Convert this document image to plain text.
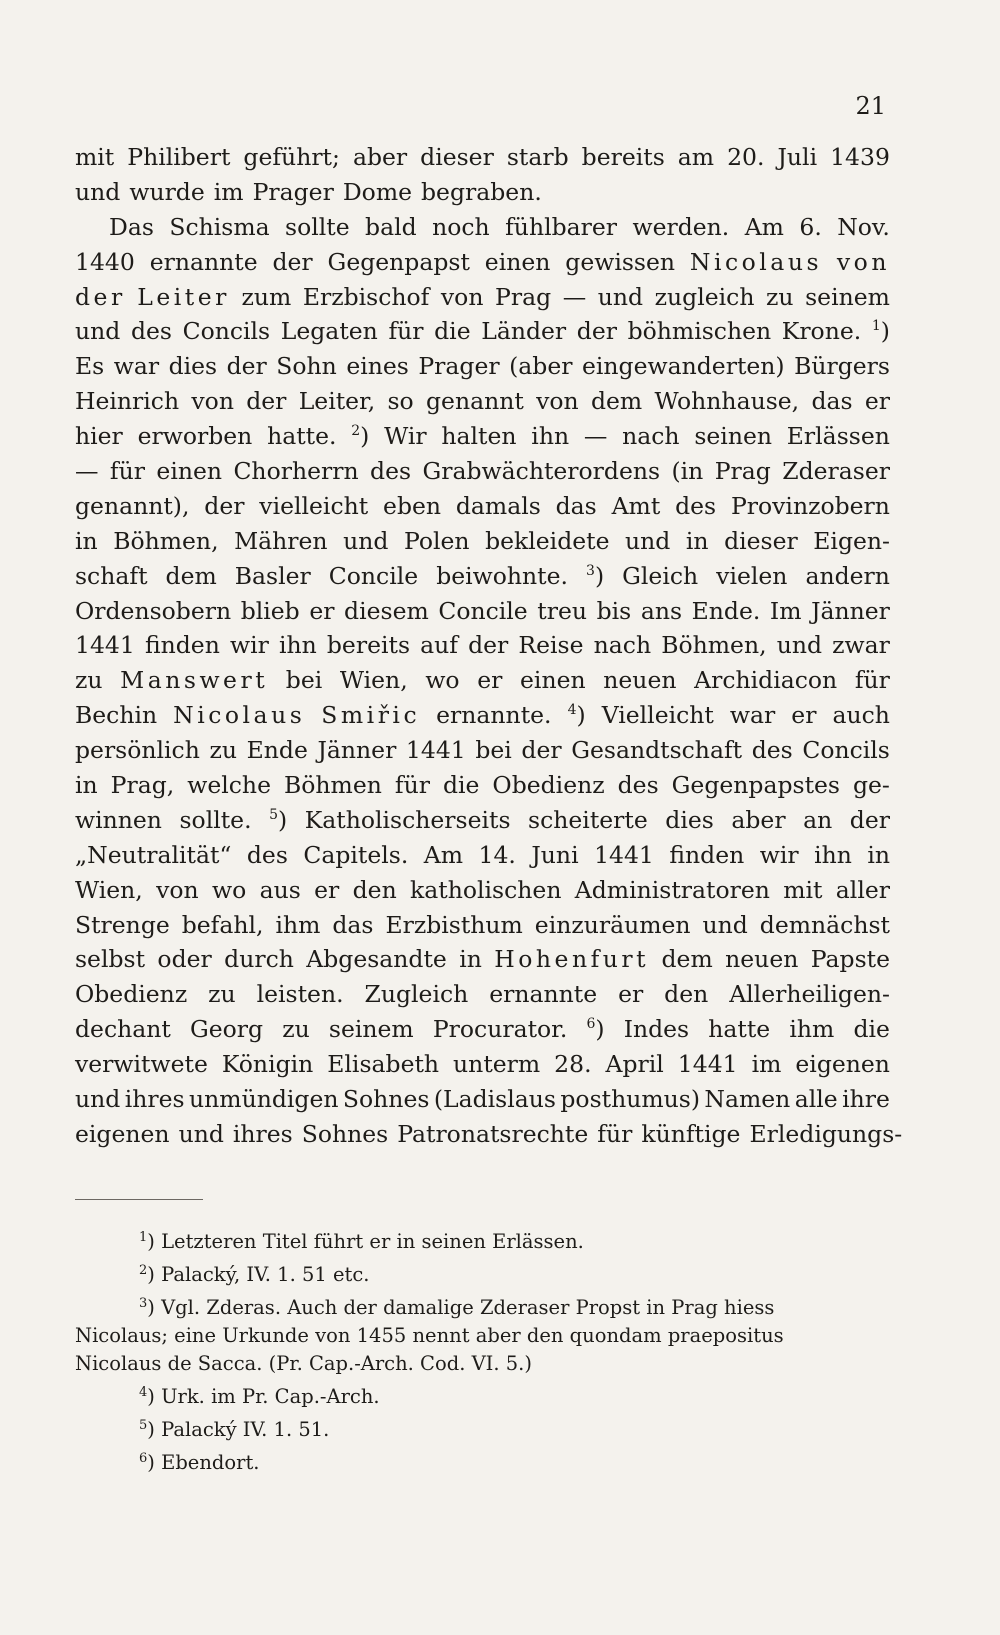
21
mit Philibert geführt; aber dieser starb bereits am 20. Juli 1439
und wurde im Prager Dome begraben.
Das Schisma sollte bald noch fühlbarer werden. Am 6. Nov.
1440 ernannte der Gegenpapst einen gewissen Nicolaus von
der Leiter zum Erzbischof von Prag — und zugleich zu seinem
und des Concils Legaten für die Länder der böhmischen Krone. $^1$)
Es war dies der Sohn eines Prager (aber eingewanderten) Bürgers
Heinrich von der Leiter, so genannt von dem Wohnhause, das er
hier erworben hatte. $^2$) Wir halten ihn — nach seinen Erlässen
— für einen Chorherrn des Grabwächterordens (in Prag Zderaser
genannt), der vielleicht eben damals das Amt des Provinzobern
in Böhmen, Mähren und Polen bekleidete und in dieser Eigen-
schaft dem Basler Concile beiwohnte. $^3$) Gleich vielen andern
Ordensobern blieb er diesem Concile treu bis ans Ende. Im Jänner
1441 finden wir ihn bereits auf der Reise nach Böhmen, und zwar
zu Manswert bei Wien, wo er einen neuen Archidiacon für
Bechin Nicolaus Smiřic ernannte. $^4$) Vielleicht war er auch
persönlich zu Ende Jänner 1441 bei der Gesandtschaft des Concils
in Prag, welche Böhmen für die Obedienz des Gegenpapstes ge-
winnen sollte. $^5$) Katholischerseits scheiterte dies aber an der
„Neutralität“ des Capitels. Am 14. Juni 1441 finden wir ihn in
Wien, von wo aus er den katholischen Administratoren mit aller
Strenge befahl, ihm das Erzbisthum einzuräumen und demnächst
selbst oder durch Abgesandte in Hohenfurt dem neuen Papste
Obedienz zu leisten. Zugleich ernannte er den Allerheiligen-
dechant Georg zu seinem Procurator. $^6$) Indes hatte ihm die
verwitwete Königin Elisabeth unterm 28. April 1441 im eigenen
und ihres unmündigen Sohnes (Ladislaus posthumus) Namen alle ihre
eigenen und ihres Sohnes Patronatsrechte für künftige Erledigungs-
$^1$) Letzteren Titel führt er in seinen Erlässen.
$^2$) Palacký, IV. 1. 51 etc.
$^3$) Vgl. Zderas. Auch der damalige Zderaser Propst in Prag hiess
Nicolaus; eine Urkunde von 1455 nennt aber den quondam praepositus
Nicolaus de Sacca. (Pr. Cap.-Arch. Cod. VI. 5.)
$^4$) Urk. im Pr. Cap.-Arch.
$^5$) Palacký IV. 1. 51.
$^6$) Ebendort.
